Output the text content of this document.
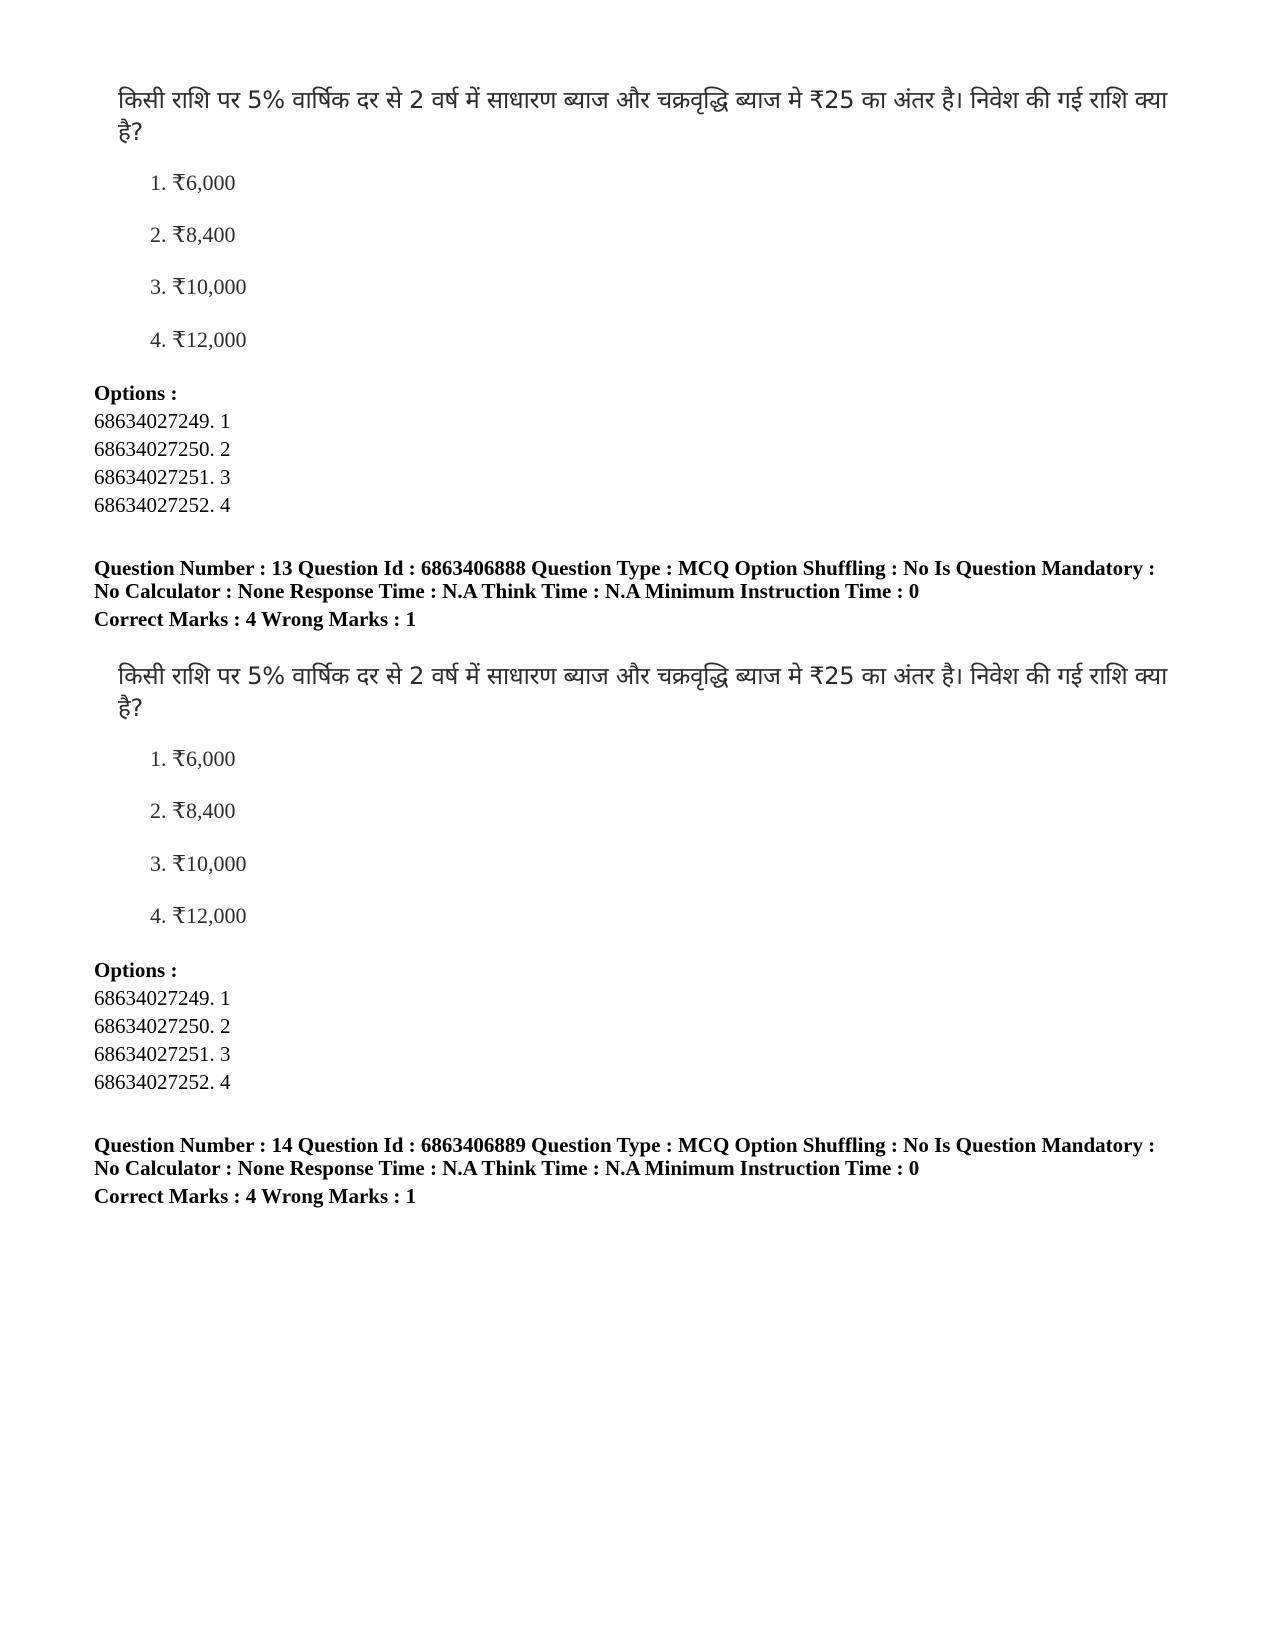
किसी राशि पर 5% वार्षिक दर से 2 वर्ष में साधारण ब्याज और चक्रवृद्धि ब्याज मे ₹25 का अंतर है। निवेश की गई राशि क्या है?
1. ₹6,000
2. ₹8,400
3. ₹10,000
4. ₹12,000
Options :
68634027249. 1
68634027250. 2
68634027251. 3
68634027252. 4
Question Number : 13 Question Id : 6863406888 Question Type : MCQ Option Shuffling : No Is Question Mandatory :
No Calculator : None Response Time : N.A Think Time : N.A Minimum Instruction Time : 0
Correct Marks : 4 Wrong Marks : 1
किसी राशि पर 5% वार्षिक दर से 2 वर्ष में साधारण ब्याज और चक्रवृद्धि ब्याज मे ₹25 का अंतर है। निवेश की गई राशि क्या है?
1. ₹6,000
2. ₹8,400
3. ₹10,000
4. ₹12,000
Options :
68634027249. 1
68634027250. 2
68634027251. 3
68634027252. 4
Question Number : 14 Question Id : 6863406889 Question Type : MCQ Option Shuffling : No Is Question Mandatory :
No Calculator : None Response Time : N.A Think Time : N.A Minimum Instruction Time : 0
Correct Marks : 4 Wrong Marks : 1
